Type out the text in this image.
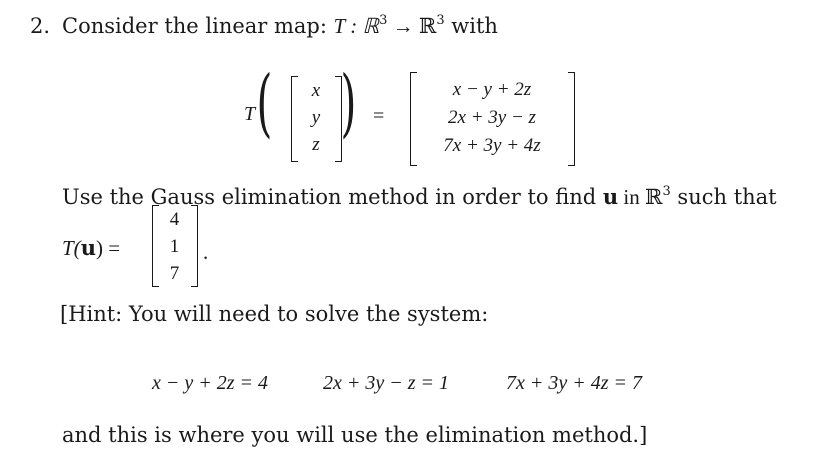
2. Consider the linear map: T : ℝ$^3$ → ℝ$^3$ with
T (	x
y
z ) =
x − y + 2z
2x + 3y − z
7x + 3y + 4z
Use the Gauss elimination method in order to find u in ℝ$^3$ such that
T(u) =
4
1
7
.
[Hint: You will need to solve the system:
x − y + 2z = 4	2x + 3y − z = 1	7x + 3y + 4z = 7
and this is where you will use the elimination method.]
